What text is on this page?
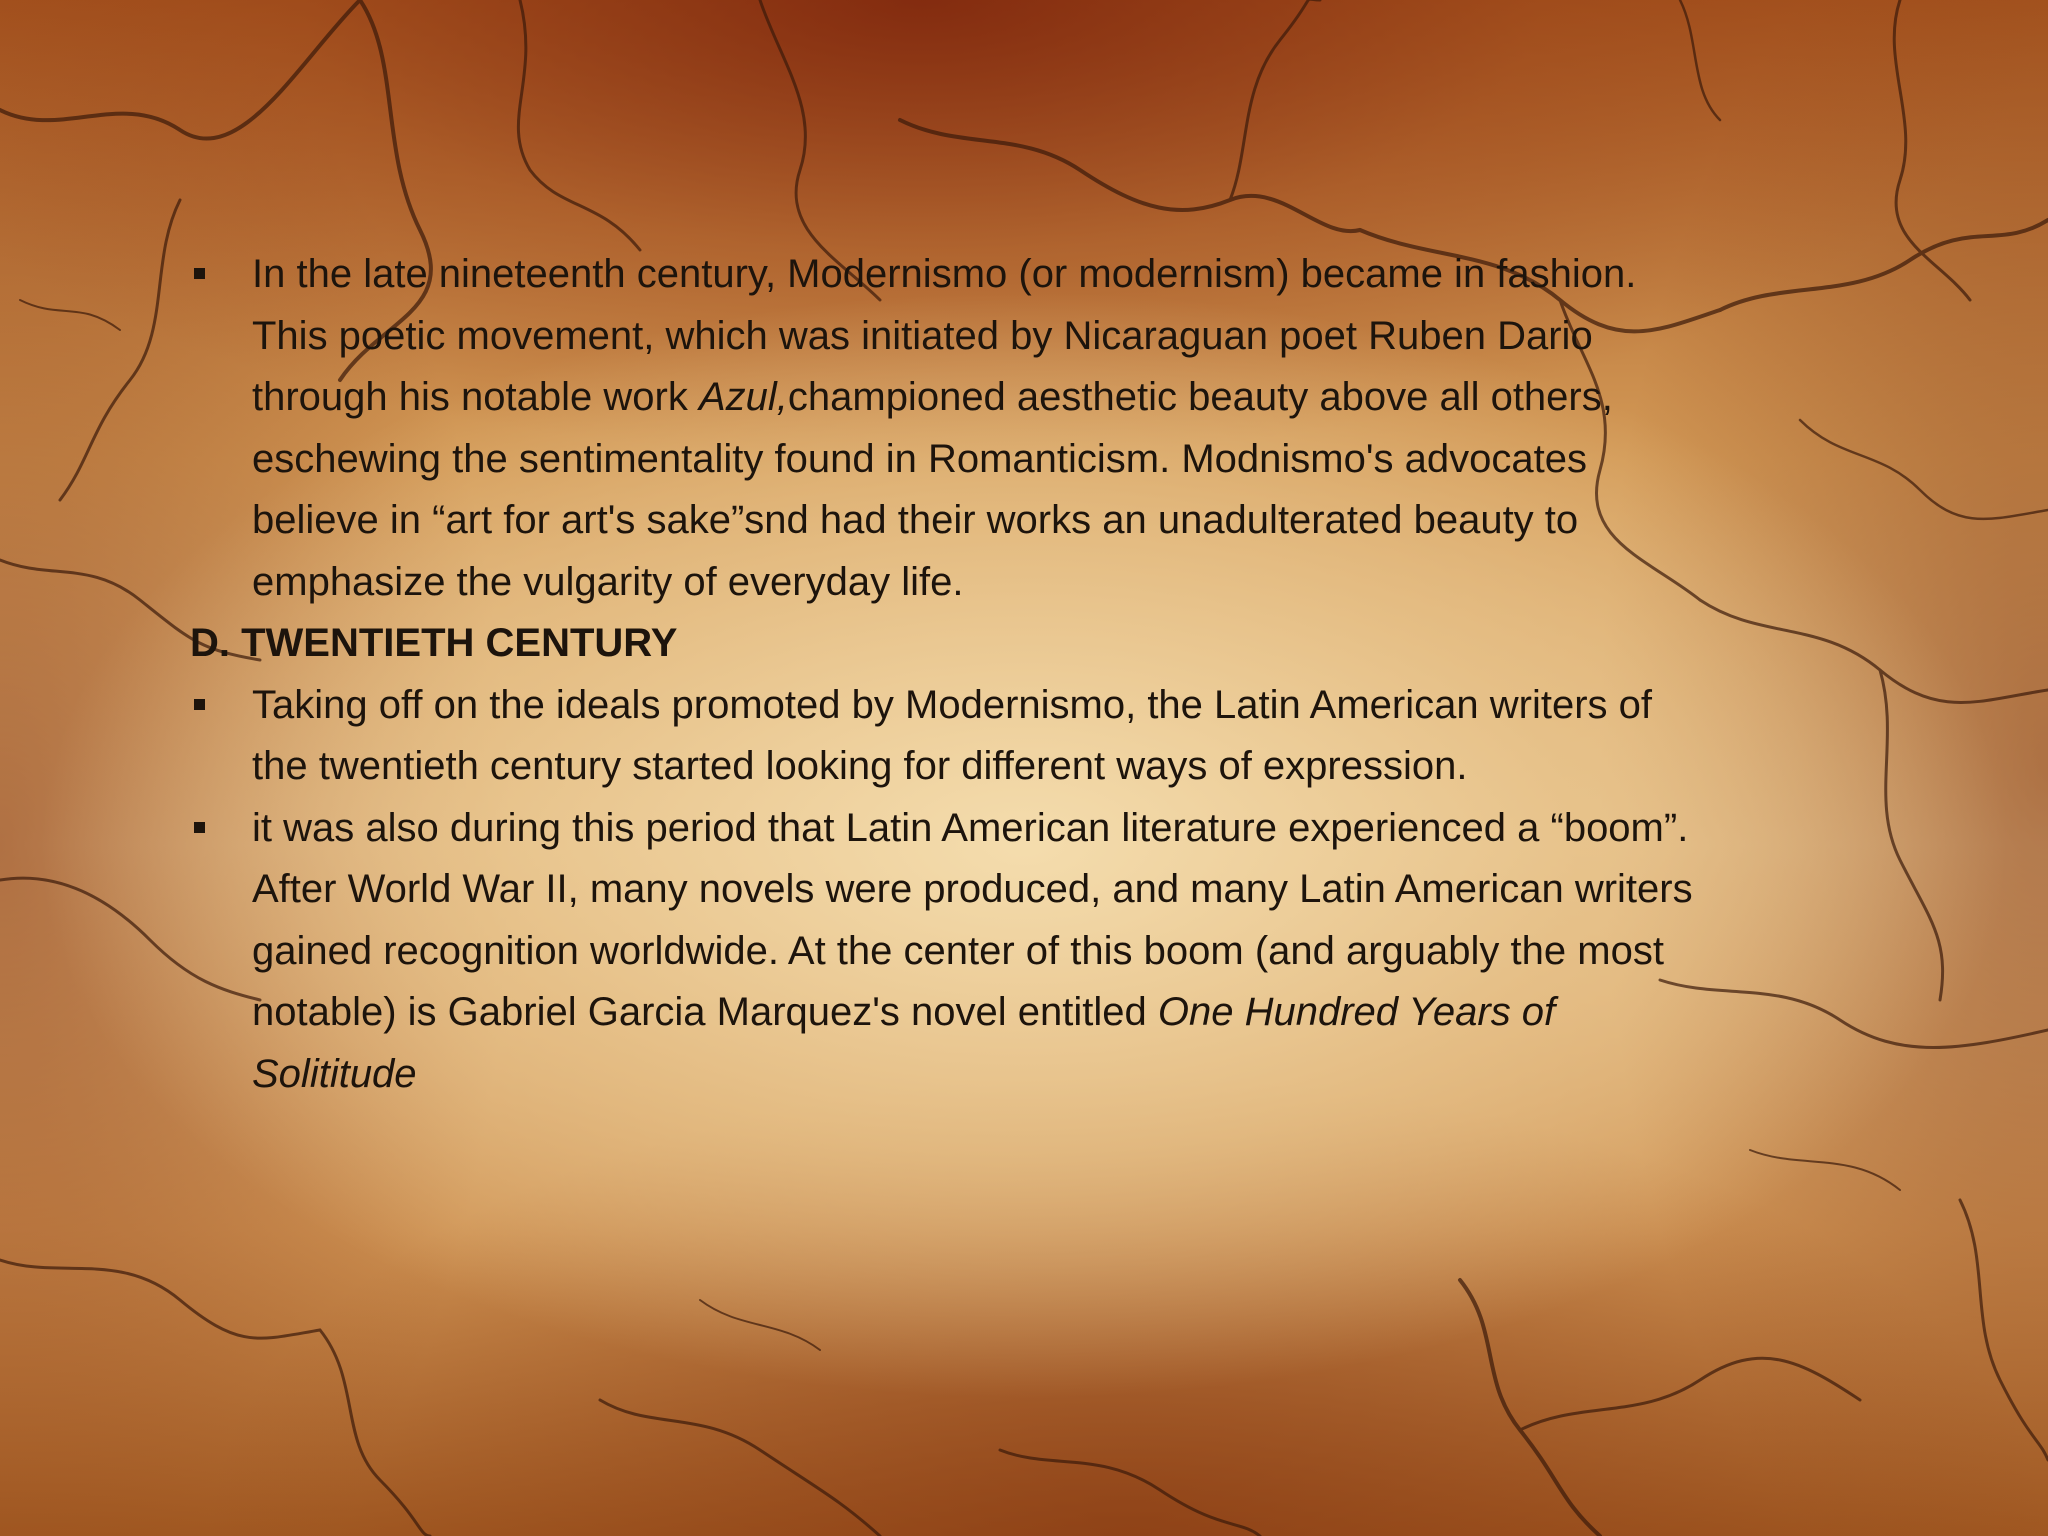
In the late nineteenth century, Modernismo (or modernism) became in fashion. This poetic movement, which was initiated by Nicaraguan poet Ruben Dario through his notable work Azul,championed aesthetic beauty above all others, eschewing the sentimentality found in Romanticism. Modnismo's advocates believe in “art for art's sake”snd had their works an unadulterated beauty to emphasize the vulgarity of everyday life.
D. TWENTIETH CENTURY
Taking off on the ideals promoted by Modernismo, the Latin American writers of the twentieth century started looking for different ways of expression.
it was also during this period that Latin American literature experienced a “boom”. After World War II, many novels were produced, and many Latin American writers gained recognition worldwide. At the center of this boom (and arguably the most notable) is Gabriel Garcia Marquez's novel entitled One Hundred Years of Solititude
